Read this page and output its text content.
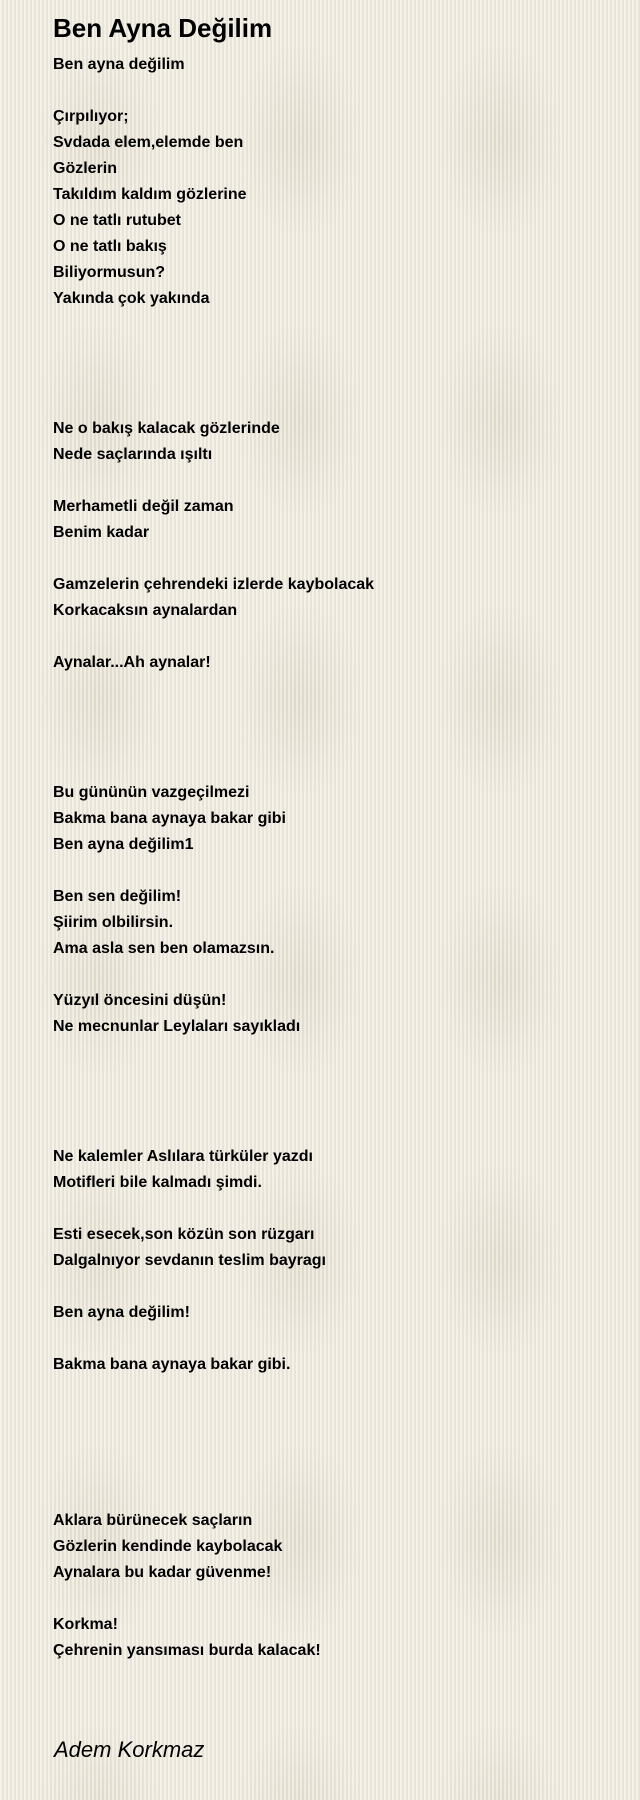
Ben Ayna Değilim
Ben ayna değilim
Çırpılıyor;
Svdada elem,elemde ben
Gözlerin
Takıldım kaldım gözlerine
O ne tatlı rutubet
O ne tatlı bakış
Biliyormusun?
Yakında çok yakında
Ne o bakış kalacak gözlerinde
Nede saçlarında ışıltı
Merhametli değil zaman
Benim kadar
Gamzelerin çehrendeki izlerde kaybolacak
Korkacaksın aynalardan
Aynalar...Ah aynalar!
Bu gününün vazgeçilmezi
Bakma bana aynaya bakar gibi
Ben ayna değilim1
Ben sen değilim!
Şiirim olbilirsin.
Ama asla sen ben olamazsın.
Yüzyıl öncesini düşün!
Ne mecnunlar Leylaları sayıkladı
Ne kalemler Aslılara türküler yazdı
Motifleri bile kalmadı şimdi.
Esti esecek,son közün son rüzgarı
Dalgalnıyor sevdanın teslim bayragı
Ben ayna değilim!
Bakma bana aynaya bakar gibi.
Aklara bürünecek saçların
Gözlerin kendinde kaybolacak
Aynalara bu kadar güvenme!
Korkma!
Çehrenin yansıması burda kalacak!
Adem Korkmaz
